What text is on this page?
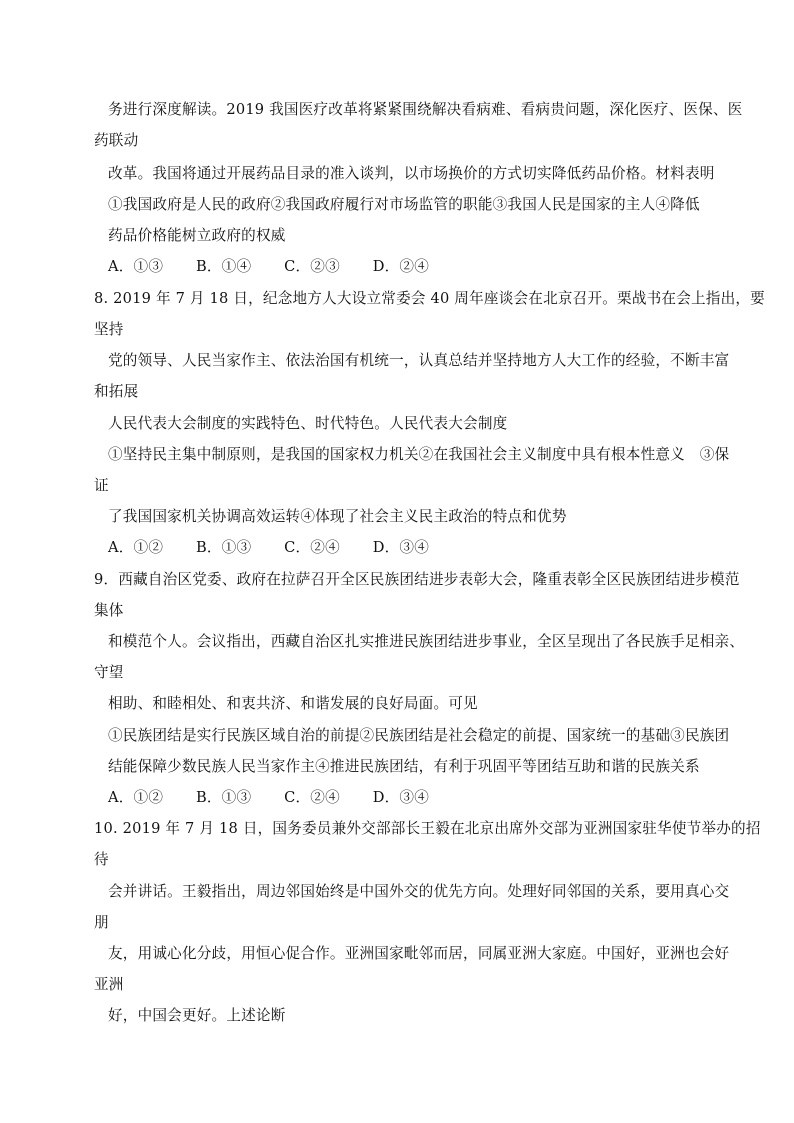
务进行深度解读。2019 我国医疗改革将紧紧围绕解决看病难、看病贵问题，深化医疗、医保、医
药联动
改革。我国将通过开展药品目录的准入谈判，以市场换价的方式切实降低药品价格。材料表明
①我国政府是人民的政府②我国政府履行对市场监管的职能③我国人民是国家的主人④降低
药品价格能树立政府的权威
A．①③ B．①④ C．②③ D．②④
8. 2019 年 7 月 18 日，纪念地方人大设立常委会 40 周年座谈会在北京召开。栗战书在会上指出，要
坚持
党的领导、人民当家作主、依法治国有机统一，认真总结并坚持地方人大工作的经验，不断丰富
和拓展
人民代表大会制度的实践特色、时代特色。人民代表大会制度
①坚持民主集中制原则，是我国的国家权力机关②在我国社会主义制度中具有根本性意义　③保
证
了我国国家机关协调高效运转④体现了社会主义民主政治的特点和优势
A．①② B．①③ C．②④ D．③④
9．西藏自治区党委、政府在拉萨召开全区民族团结进步表彰大会，隆重表彰全区民族团结进步模范
集体
和模范个人。会议指出，西藏自治区扎实推进民族团结进步事业，全区呈现出了各民族手足相亲、
守望
相助、和睦相处、和衷共济、和谐发展的良好局面。可见
①民族团结是实行民族区域自治的前提②民族团结是社会稳定的前提、国家统一的基础③民族团
结能保障少数民族人民当家作主④推进民族团结，有利于巩固平等团结互助和谐的民族关系
A．①② B．①③ C．②④ D．③④
10. 2019 年 7 月 18 日，国务委员兼外交部部长王毅在北京出席外交部为亚洲国家驻华使节举办的招
待
会并讲话。王毅指出，周边邻国始终是中国外交的优先方向。处理好同邻国的关系，要用真心交
朋
友，用诚心化分歧，用恒心促合作。亚洲国家毗邻而居，同属亚洲大家庭。中国好，亚洲也会好
亚洲
好，中国会更好。上述论断
